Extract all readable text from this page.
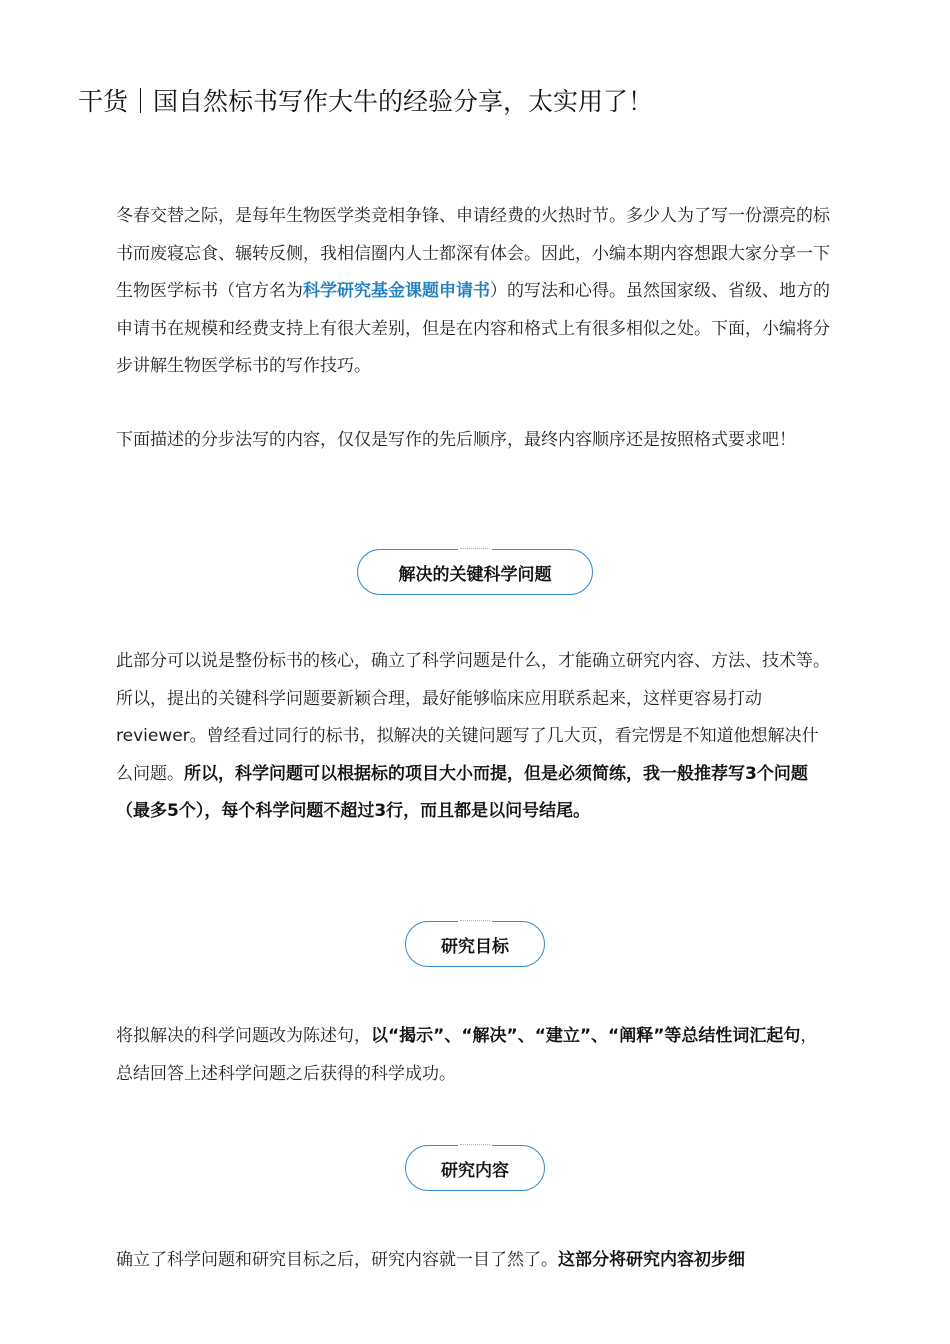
干货｜国自然标书写作大牛的经验分享，太实用了！

冬春交替之际，是每年生物医学类竞相争锋、申请经费的火热时节。多少人为了写一份漂亮的标书而废寝忘食、辗转反侧，我相信圈内人士都深有体会。因此，小编本期内容想跟大家分享一下生物医学标书（官方名为科学研究基金课题申请书）的写法和心得。虽然国家级、省级、地方的申请书在规模和经费支持上有很大差别，但是在内容和格式上有很多相似之处。下面，小编将分步讲解生物医学标书的写作技巧。

下面描述的分步法写的内容，仅仅是写作的先后顺序，最终内容顺序还是按照格式要求吧！

解决的关键科学问题

此部分可以说是整份标书的核心，确立了科学问题是什么，才能确立研究内容、方法、技术等。所以，提出的关键科学问题要新颖合理，最好能够临床应用联系起来，这样更容易打动reviewer。曾经看过同行的标书，拟解决的关键问题写了几大页，看完愣是不知道他想解决什么问题。所以，科学问题可以根据标的项目大小而提，但是必须简练，我一般推荐写3个问题（最多5个），每个科学问题不超过3行，而且都是以问号结尾。

研究目标

将拟解决的科学问题改为陈述句，以“揭示”、“解决”、“建立”、“阐释”等总结性词汇起句，总结回答上述科学问题之后获得的科学成功。

研究内容

确立了科学问题和研究目标之后，研究内容就一目了然了。这部分将研究内容初步细
